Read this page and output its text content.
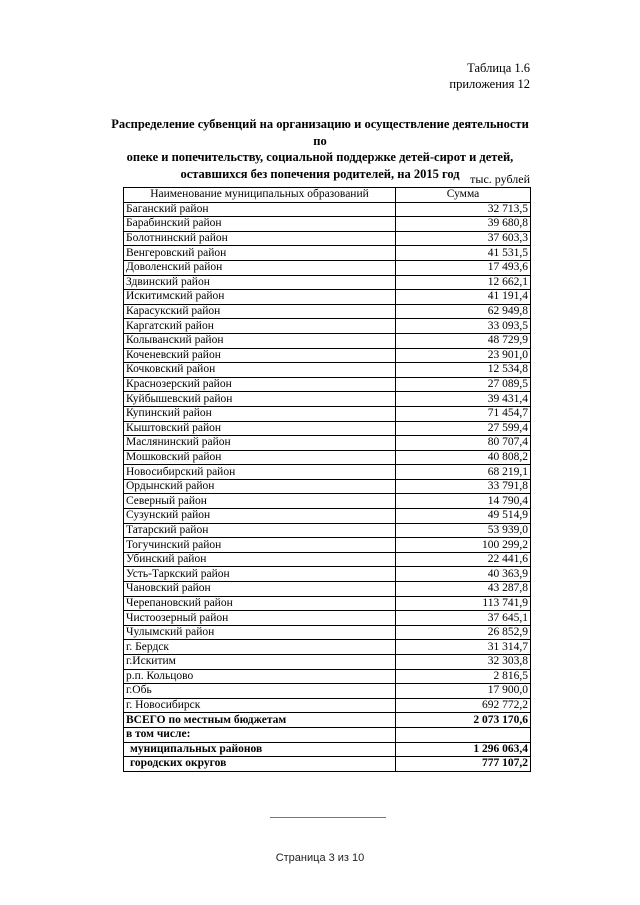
Таблица 1.6
приложения 12
Распределение субвенций на организацию и осуществление деятельности по
опеке и попечительству, социальной поддержке детей-сирот и детей,
оставшихся без попечения родителей, на 2015 год тыс. рублей
Наименование муниципальных образований	Сумма
Баганский район	32 713,5
Барабинский район	39 680,8
Болотнинский район	37 603,3
Венгеровский район	41 531,5
Доволенский район	17 493,6
Здвинский район	12 662,1
Искитимский район	41 191,4
Карасукский район	62 949,8
Каргатский район	33 093,5
Колыванский район	48 729,9
Коченевский район	23 901,0
Кочковский район	12 534,8
Краснозерский район	27 089,5
Куйбышевский район	39 431,4
Купинский район	71 454,7
Кыштовский район	27 599,4
Маслянинский район	80 707,4
Мошковский район	40 808,2
Новосибирский район	68 219,1
Ордынский район	33 791,8
Северный район	14 790,4
Сузунский район	49 514,9
Татарский район	53 939,0
Тогучинский район	100 299,2
Убинский район	22 441,6
Усть-Таркский район	40 363,9
Чановский район	43 287,8
Черепановский район	113 741,9
Чистоозерный район	37 645,1
Чулымский район	26 852,9
г. Бердск	31 314,7
г.Искитим	32 303,8
р.п. Кольцово	2 816,5
г.Обь	17 900,0
г. Новосибирск	692 772,2
ВСЕГО по местным бюджетам	2 073 170,6
в том числе:	
муниципальных районов	1 296 063,4
городских округов	777 107,2
Страница 3 из 10
